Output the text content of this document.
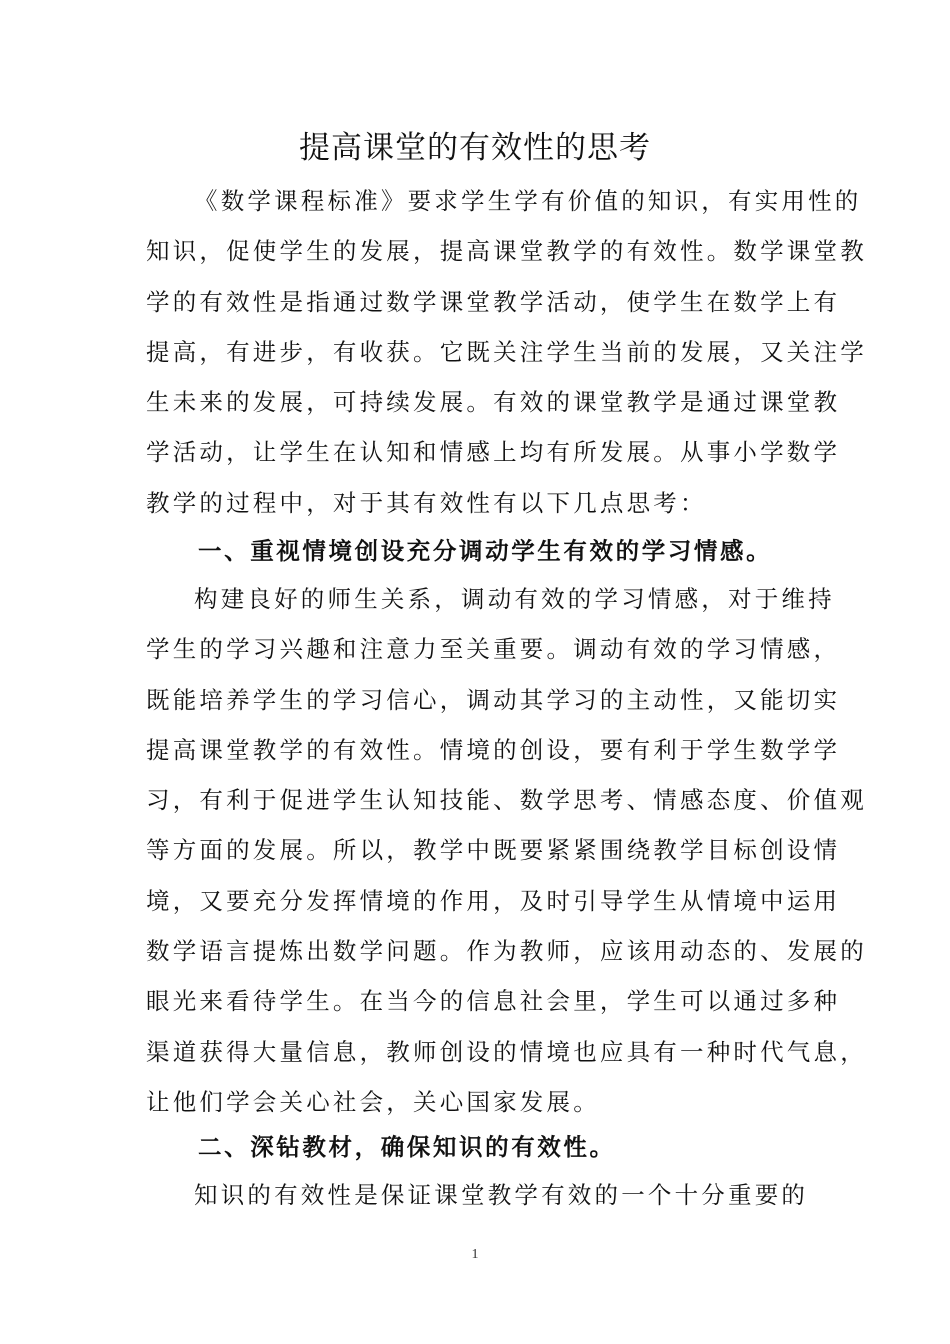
提高课堂的有效性的思考
《数学课程标准》要求学生学有价值的知识，有实用性的
知识，促使学生的发展，提高课堂教学的有效性。数学课堂教
学的有效性是指通过数学课堂教学活动，使学生在数学上有
提高，有进步，有收获。它既关注学生当前的发展，又关注学
生未来的发展，可持续发展。有效的课堂教学是通过课堂教
学活动，让学生在认知和情感上均有所发展。从事小学数学
教学的过程中，对于其有效性有以下几点思考：
一、重视情境创设充分调动学生有效的学习情感。
构建良好的师生关系，调动有效的学习情感，对于维持
学生的学习兴趣和注意力至关重要。调动有效的学习情感，
既能培养学生的学习信心，调动其学习的主动性，又能切实
提高课堂教学的有效性。情境的创设，要有利于学生数学学
习，有利于促进学生认知技能、数学思考、情感态度、价值观
等方面的发展。所以，教学中既要紧紧围绕教学目标创设情
境，又要充分发挥情境的作用，及时引导学生从情境中运用
数学语言提炼出数学问题。作为教师，应该用动态的、发展的
眼光来看待学生。在当今的信息社会里，学生可以通过多种
渠道获得大量信息，教师创设的情境也应具有一种时代气息，
让他们学会关心社会，关心国家发展。
二、深钻教材，确保知识的有效性。
知识的有效性是保证课堂教学有效的一个十分重要的
1
